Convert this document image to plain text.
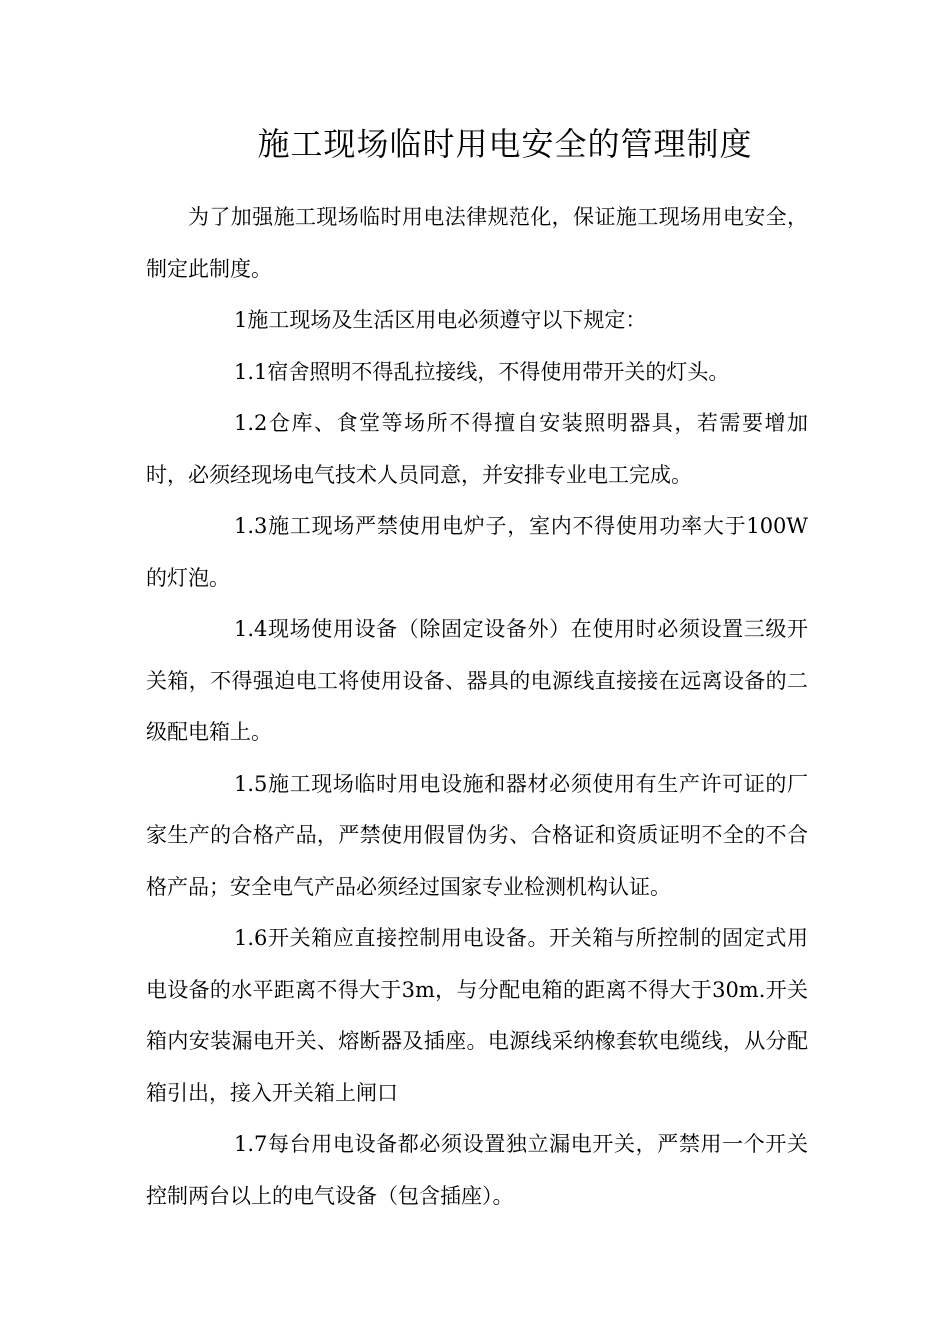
施工现场临时用电安全的管理制度

为了加强施工现场临时用电法律规范化，保证施工现场用电安全，制定此制度。

1施工现场及生活区用电必须遵守以下规定：

1.1宿舍照明不得乱拉接线，不得使用带开关的灯头。

1.2仓库、食堂等场所不得擅自安装照明器具，若需要增加时，必须经现场电气技术人员同意，并安排专业电工完成。

1.3施工现场严禁使用电炉子，室内不得使用功率大于100W的灯泡。

1.4现场使用设备（除固定设备外）在使用时必须设置三级开关箱，不得强迫电工将使用设备、器具的电源线直接接在远离设备的二级配电箱上。

1.5施工现场临时用电设施和器材必须使用有生产许可证的厂家生产的合格产品，严禁使用假冒伪劣、合格证和资质证明不全的不合格产品；安全电气产品必须经过国家专业检测机构认证。

1.6开关箱应直接控制用电设备。开关箱与所控制的固定式用电设备的水平距离不得大于3m，与分配电箱的距离不得大于30m.开关箱内安装漏电开关、熔断器及插座。电源线采纳橡套软电缆线，从分配箱引出，接入开关箱上闸口

1.7每台用电设备都必须设置独立漏电开关，严禁用一个开关控制两台以上的电气设备（包含插座）。
